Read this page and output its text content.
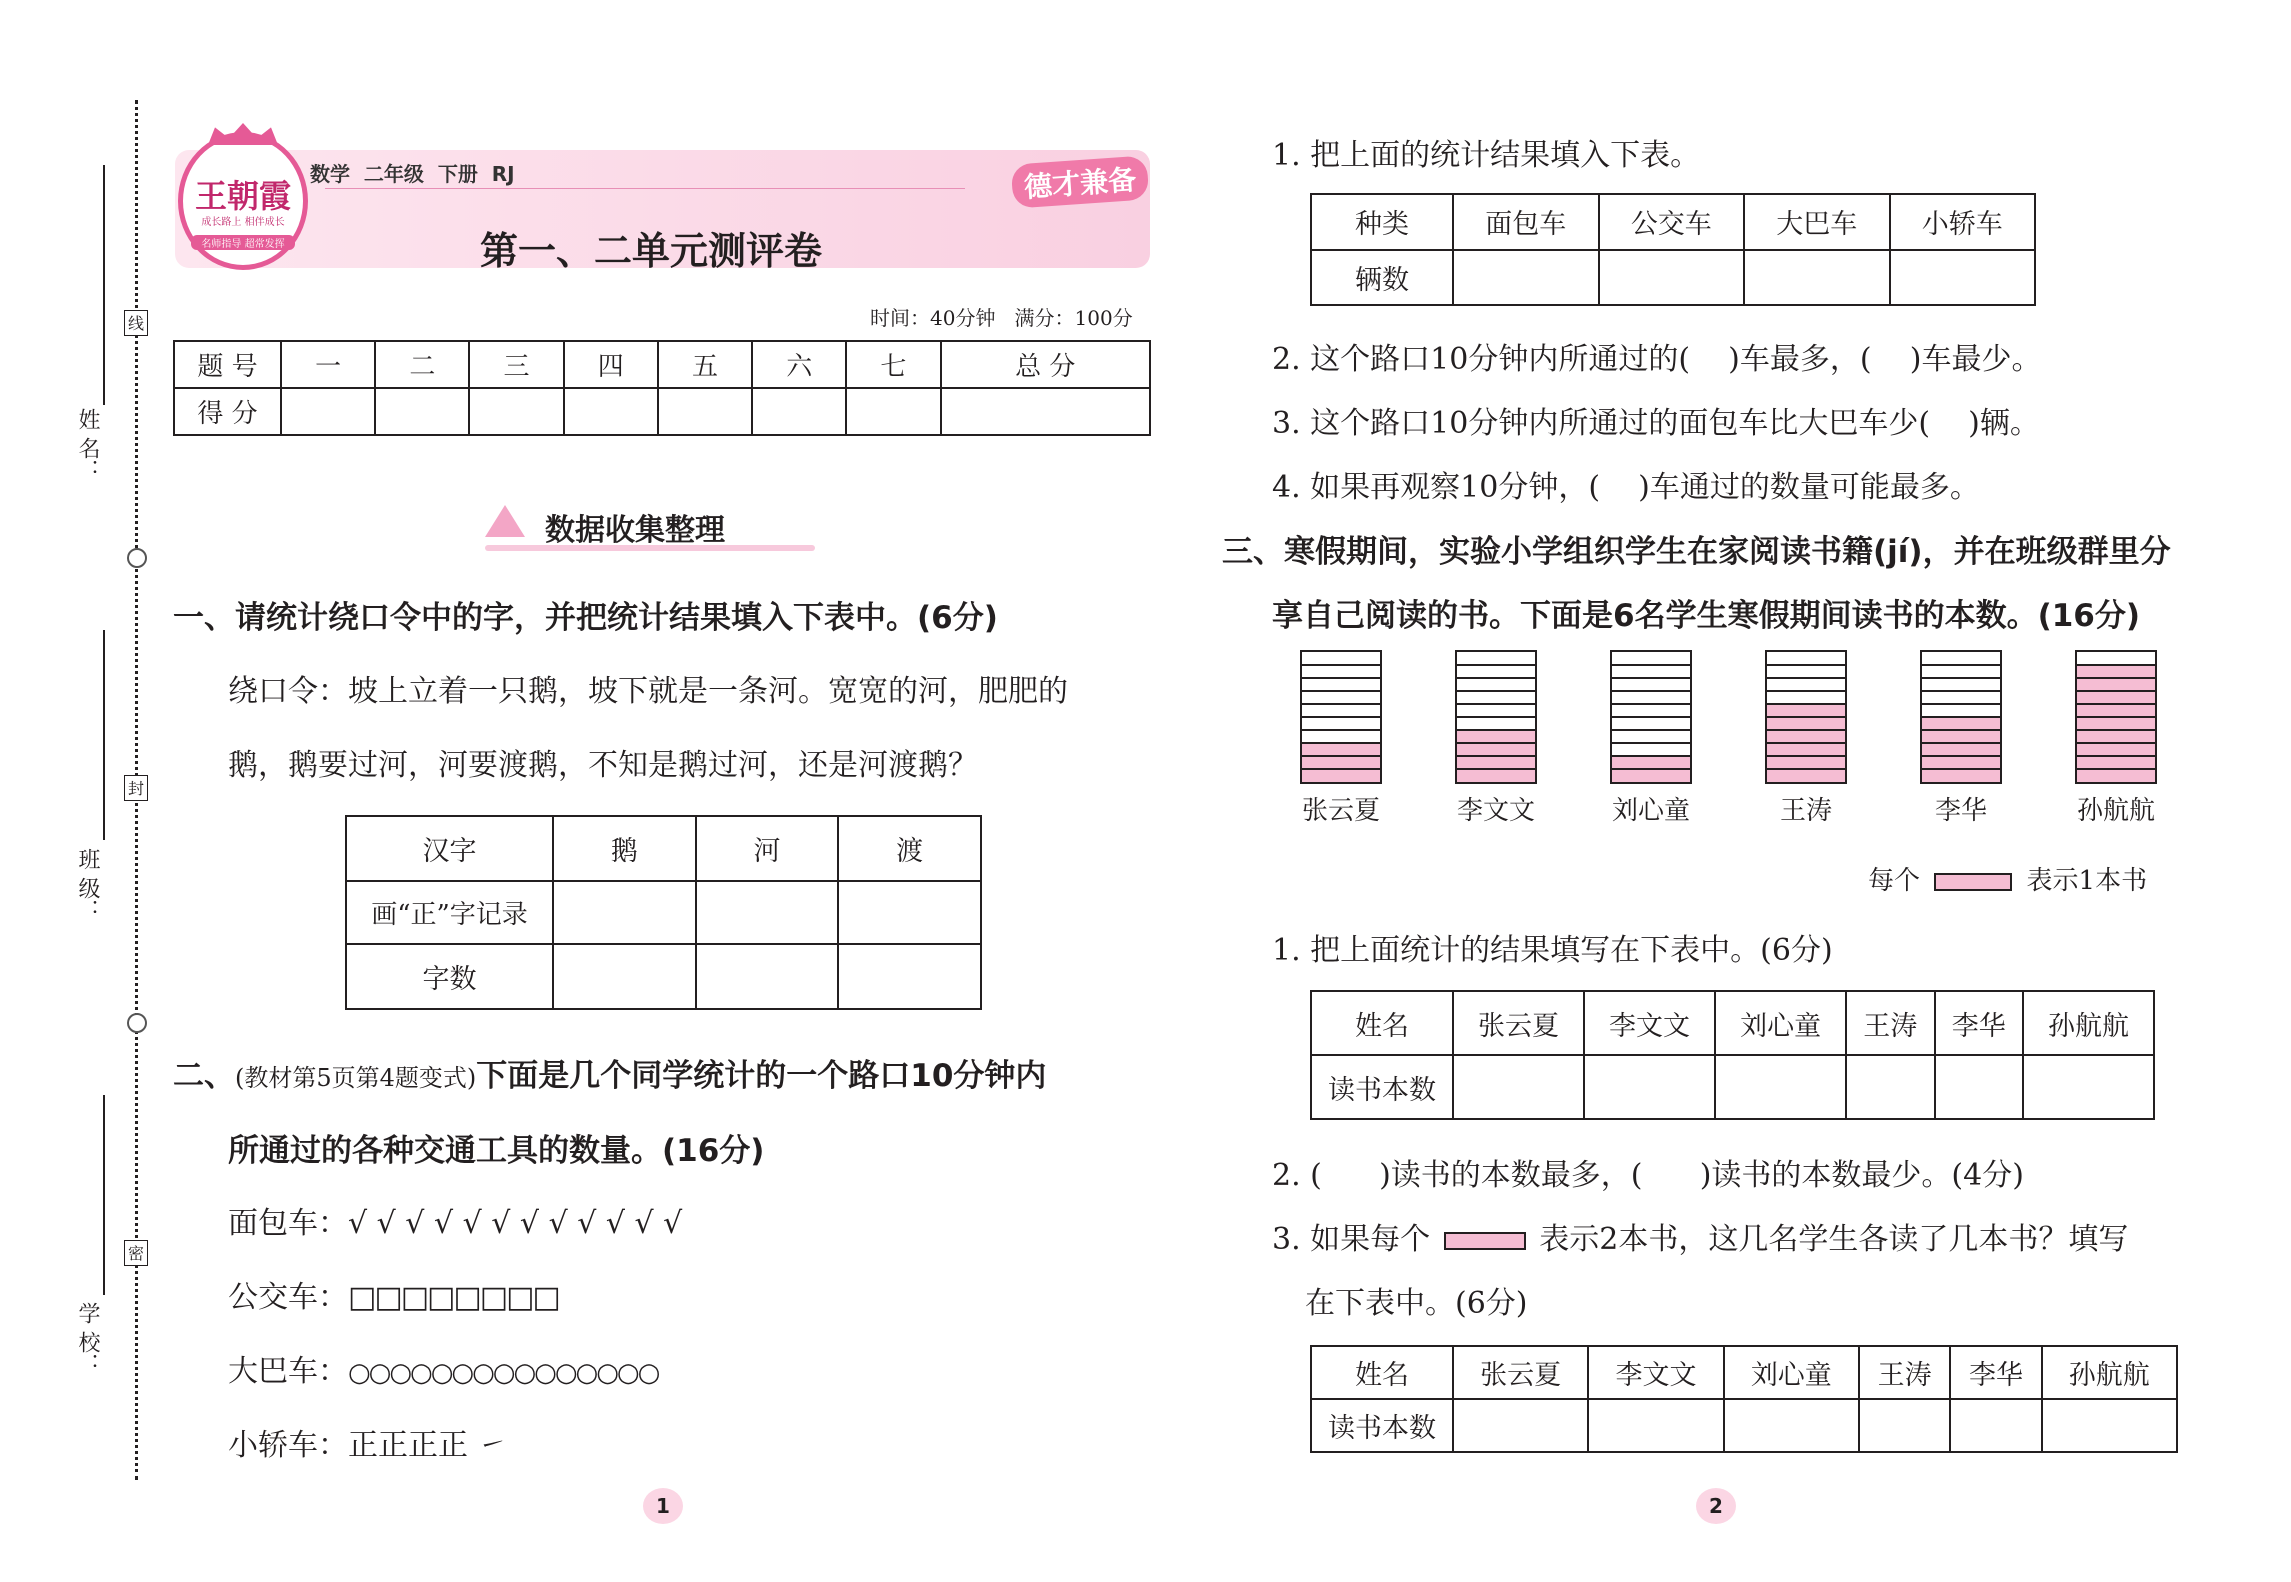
姓 名：
班 级：
学 校：
线
封
密
王朝霞
成长路上 相伴成长
名师指导 超常发挥
数学  二年级  下册  RJ
第一、二单元测评卷
德才兼备
时间：40分钟   满分：100分
题 号	一	二	三	四	五	六	七	总 分
得 分								
数据收集整理
一、请统计绕口令中的字，并把统计结果填入下表中。(6分)
绕口令：坡上立着一只鹅，坡下就是一条河。宽宽的河，肥肥的
鹅，鹅要过河，河要渡鹅，不知是鹅过河，还是河渡鹅？
汉字	鹅	河	渡
画“正”字记录			
字数			
二、(教材第5页第4题变式)下面是几个同学统计的一个路口10分钟内
所通过的各种交通工具的数量。(16分)
面包车：√ √ √ √ √ √ √ √ √ √ √ √
公交车：□□□□□□□□
大巴车：○○○○○○○○○○○○○○○
小轿车：正正正正 ㇀
1
1. 把上面的统计结果填入下表。
种类	面包车	公交车	大巴车	小轿车
辆数				
2. 这个路口10分钟内所通过的(    )车最多，(    )车最少。
3. 这个路口10分钟内所通过的面包车比大巴车少(    )辆。
4. 如果再观察10分钟，(    )车通过的数量可能最多。
三、寒假期间，实验小学组织学生在家阅读书籍(jí)，并在班级群里分
享自己阅读的书。下面是6名学生寒假期间读书的本数。(16分)
张云夏	李文文	刘心童	王涛	李华	孙航航
每个	表示1本书
1. 把上面统计的结果填写在下表中。(6分)
姓名	张云夏	李文文	刘心童	王涛	李华	孙航航
读书本数						
2. (      )读书的本数最多，(      )读书的本数最少。(4分)
3. 如果每个	表示2本书，这几名学生各读了几本书？填写
在下表中。(6分)
姓名	张云夏	李文文	刘心童	王涛	李华	孙航航
读书本数						
2
